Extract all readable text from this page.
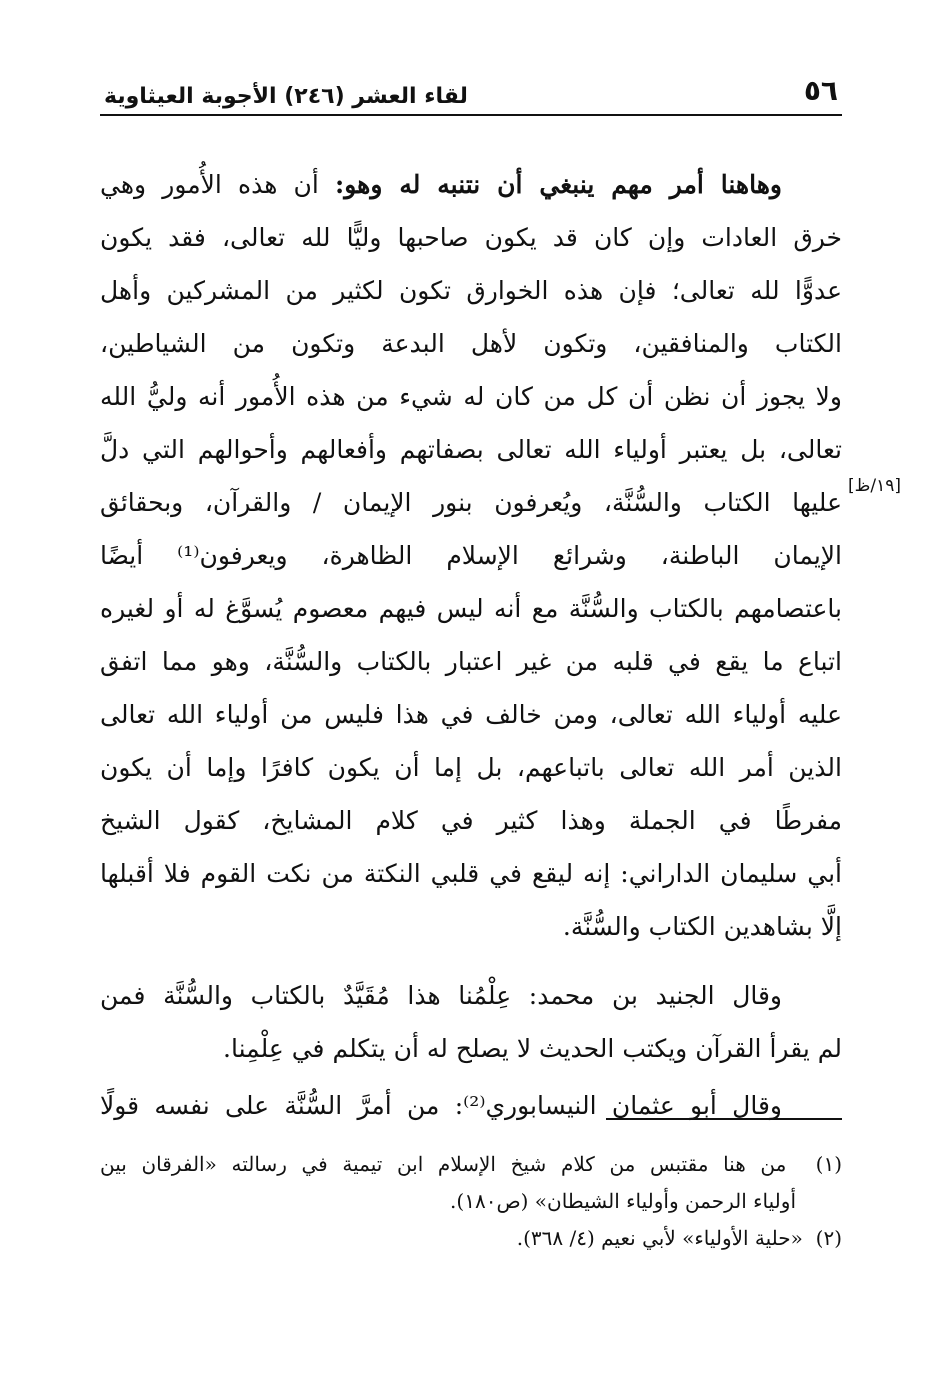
٥٦
لقاء العشر (٢٤٦) الأجوبة العيثاوية
وهاهنا أمر مهم ينبغي أن نتنبه له وهو: أن هذه الأُمور وهي
خرق العادات وإن كان قد يكون صاحبها وليًّا لله تعالى، فقد يكون
عدوًّا لله تعالى؛ فإن هذه الخوارق تكون لكثير من المشركين وأهل
الكتاب والمنافقين، وتكون لأهل البدعة وتكون من الشياطين،
ولا يجوز أن نظن أن كل من كان له شيء من هذه الأُمور أنه وليُّ الله
تعالى، بل يعتبر أولياء الله تعالى بصفاتهم وأفعالهم وأحوالهم التي دلَّ
عليها الكتاب والسُّنَّة، ويُعرفون بنور الإيمان / والقرآن، وبحقائق
الإيمان الباطنة، وشرائع الإسلام الظاهرة، ويعرفون⁽¹⁾ أيضًا
باعتصامهم بالكتاب والسُّنَّة مع أنه ليس فيهم معصوم يُسوَّغ له أو لغيره
اتباع ما يقع في قلبه من غير اعتبار بالكتاب والسُّنَّة، وهو مما اتفق
عليه أولياء الله تعالى، ومن خالف في هذا فليس من أولياء الله تعالى
الذين أمر الله تعالى باتباعهم، بل إما أن يكون كافرًا وإما أن يكون
مفرطًا في الجملة وهذا كثير في كلام المشايخ، كقول الشيخ
أبي سليمان الداراني: إنه ليقع في قلبي النكتة من نكت القوم فلا أقبلها
إلَّا بشاهدين الكتاب والسُّنَّة.
وقال الجنيد بن محمد: عِلْمُنا هذا مُقَيَّدٌ بالكتاب والسُّنَّة فمن
لم يقرأ القرآن ويكتب الحديث لا يصلح له أن يتكلم في عِلْمِنا.
وقال أبو عثمان النيسابوري⁽²⁾: من أمرَّ السُّنَّة على نفسه قولًا
[١٩/ظ]
(١)  من هنا مقتبس من كلام شيخ الإسلام ابن تيمية في رسالته «الفرقان بين
أولياء الرحمن وأولياء الشيطان» (ص١٨٠).
(٢)  «حلية الأولياء» لأبي نعيم (٤/ ٣٦٨).
